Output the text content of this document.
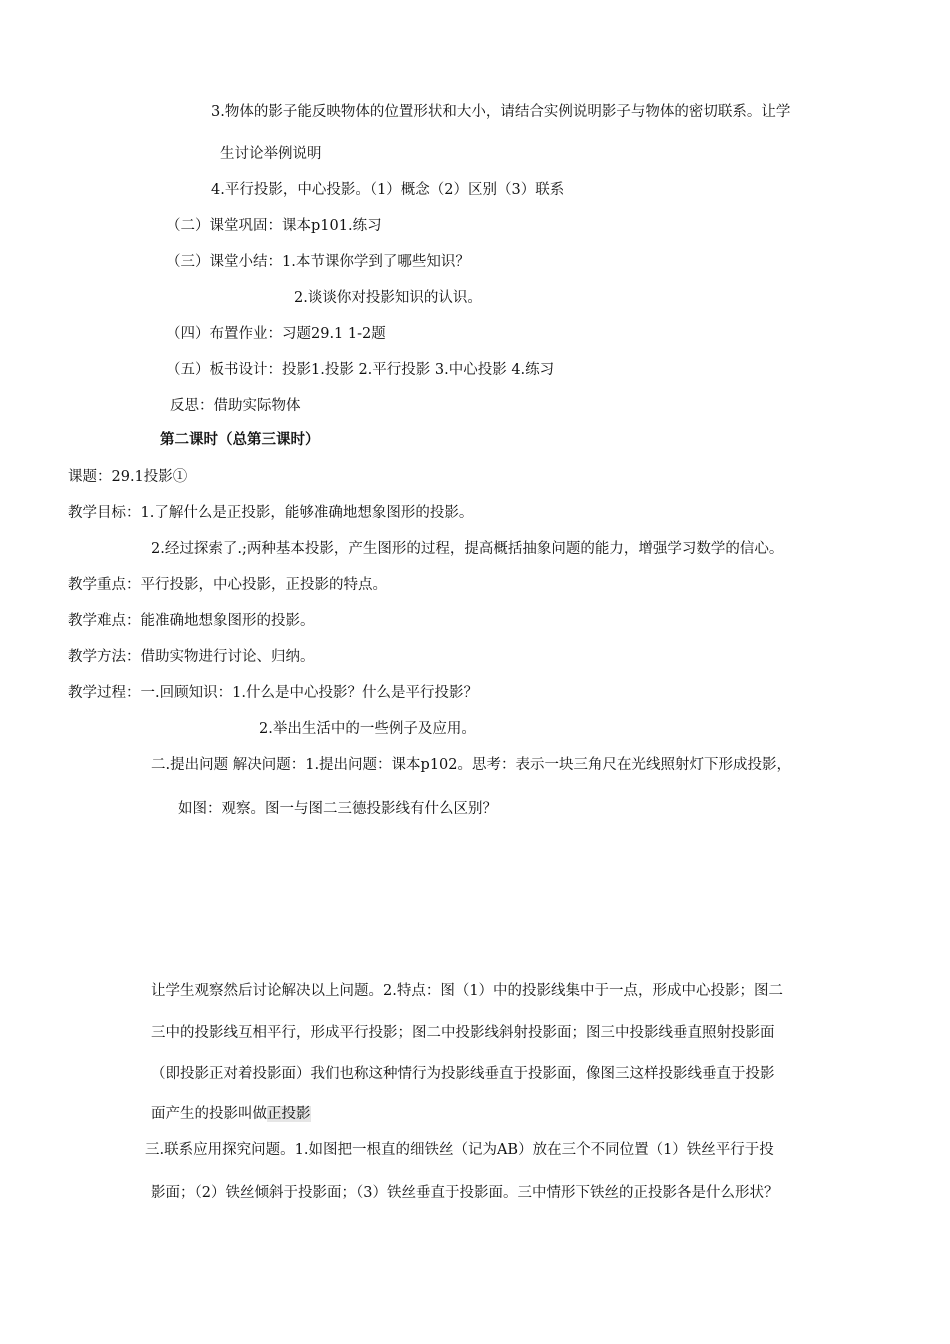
3.物体的影子能反映物体的位置形状和大小，请结合实例说明影子与物体的密切联系。让学
生讨论举例说明
4.平行投影，中心投影。（1）概念（2）区别（3）联系
（二）课堂巩固：课本p101.练习
（三）课堂小结：1.本节课你学到了哪些知识？
2.谈谈你对投影知识的认识。
（四）布置作业：习题29.1 1-2题
（五）板书设计：投影1.投影 2.平行投影 3.中心投影 4.练习
反思：借助实际物体
第二课时（总第三课时）
课题：29.1投影①
教学目标：1.了解什么是正投影，能够准确地想象图形的投影。
2.经过探索了.;两种基本投影，产生图形的过程，提高概括抽象问题的能力，增强学习数学的信心。
教学重点：平行投影，中心投影，正投影的特点。
教学难点：能准确地想象图形的投影。
教学方法：借助实物进行讨论、归纳。
教学过程：一.回顾知识：1.什么是中心投影？什么是平行投影？
2.举出生活中的一些例子及应用。
二.提出问题 解决问题：1.提出问题：课本p102。思考：表示一块三角尺在光线照射灯下形成投影，
如图：观察。图一与图二三德投影线有什么区别？
让学生观察然后讨论解决以上问题。2.特点：图（1）中的投影线集中于一点，形成中心投影；图二
三中的投影线互相平行，形成平行投影；图二中投影线斜射投影面；图三中投影线垂直照射投影面
（即投影正对着投影面）我们也称这种情行为投影线垂直于投影面，像图三这样投影线垂直于投影
面产生的投影叫做正投影
三.联系应用探究问题。1.如图把一根直的细铁丝（记为AB）放在三个不同位置（1）铁丝平行于投
影面；（2）铁丝倾斜于投影面；（3）铁丝垂直于投影面。三中情形下铁丝的正投影各是什么形状？
